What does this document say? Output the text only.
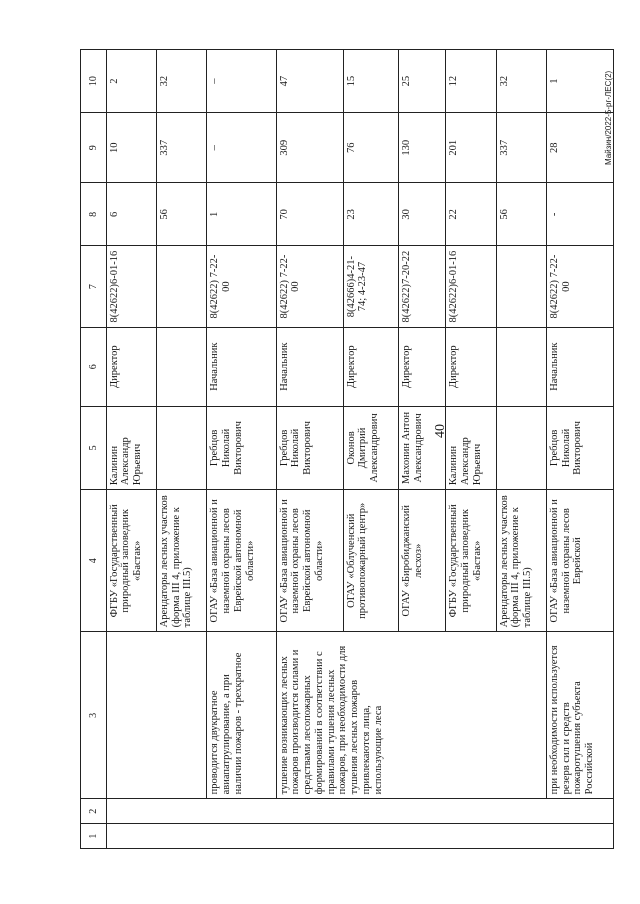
40
Майзин/2022-5-рг-ЛЕС(2)
1	2	3	4	5	6	7	8	9	10
			ФГБУ «Государственный природный заповедник «Бастак»	Калинин Александр Юрьевич	Директор	8(42622)6-01-16	6	10	2
			Арендаторы лесных участков (форма III 4, приложение к таблице III.5)				56	337	32
		проводится двукратное авиапатрулирование, а при наличии пожаров - трехкратное	ОГАУ «База авиационной и наземной охраны лесов Еврейской автономной области»	Гребцов Николай Викторович	Начальник	8(42622) 7-22-00	1	–	–
		тушение возникающих лесных пожаров производится силами и средствами лесопожарных формирований в соответствии с правилами тушения лесных пожаров, при необходимости для тушения лесных пожаров привлекаются лица, использующие леса	ОГАУ «База авиационной и наземной охраны лесов Еврейской автономной области»	Гребцов Николай Викторович	Начальник	8(42622) 7-22-00	70	309	47
			ОГАУ «Облученский противопожарный центр»	Оконов Дмитрий Александрович	Директор	8(42666)4-21-74; 4-23-47	23	76	15
			ОГАУ «Биробиджанский лесхоз»	Махонин Антон Александрович	Директор	8(42622)7-20-22	30	130	25
			ФГБУ «Государственный природный заповедник «Бастак»	Калинин Александр Юрьевич	Директор	8(42622)6-01-16	22	201	12
			Арендаторы лесных участков (форма III 4, приложение к таблице III.5)				56	337	32
		при необходимости используется резерв сил и средств пожаротушения субъекта Российской	ОГАУ «База авиационной и наземной охраны лесов Еврейской	Гребцов Николай Викторович	Начальник	8(42622) 7-22-00	-	28	1
